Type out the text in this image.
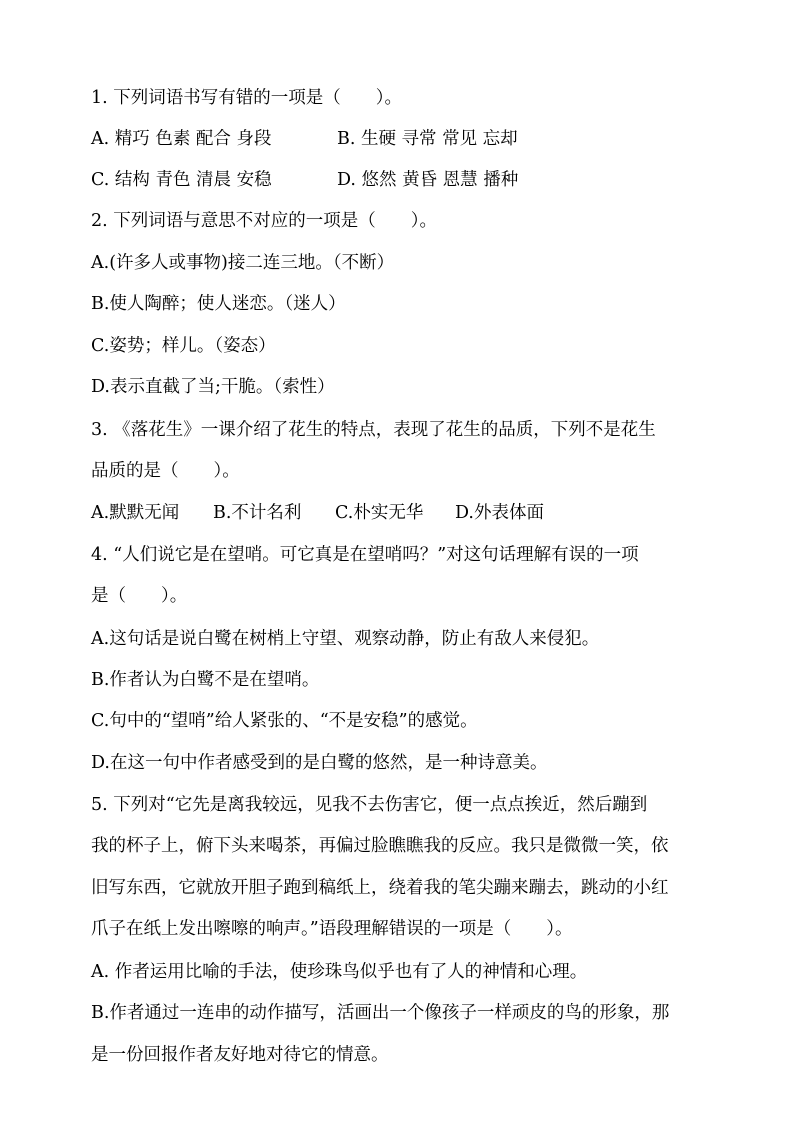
1. 下列词语书写有错的一项是（　　）。
A. 精巧 色素 配合 身段	B. 生硬 寻常 常见 忘却
C. 结构 青色 清晨 安稳	D. 悠然 黄昏 恩慧 播种
2. 下列词语与意思不对应的一项是（　　）。
A.(许多人或事物)接二连三地。（不断）
B.使人陶醉；使人迷恋。（迷人）
C.姿势；样儿。（姿态）
D.表示直截了当;干脆。（索性）
3. 《落花生》一课介绍了花生的特点，表现了花生的品质，下列不是花生
品质的是（　　）。
A.默默无闻 B.不计名利 C.朴实无华 D.外表体面
4. “人们说它是在望哨。可它真是在望哨吗？”对这句话理解有误的一项
是（　　）。
A.这句话是说白鹭在树梢上守望、观察动静，防止有敌人来侵犯。
B.作者认为白鹭不是在望哨。
C.句中的“望哨”给人紧张的、“不是安稳”的感觉。
D.在这一句中作者感受到的是白鹭的悠然，是一种诗意美。
5. 下列对“它先是离我较远，见我不去伤害它，便一点点挨近，然后蹦到
我的杯子上，俯下头来喝茶，再偏过脸瞧瞧我的反应。我只是微微一笑，依
旧写东西，它就放开胆子跑到稿纸上，绕着我的笔尖蹦来蹦去，跳动的小红
爪子在纸上发出嚓嚓的响声。”语段理解错误的一项是（　　）。
A. 作者运用比喻的手法，使珍珠鸟似乎也有了人的神情和心理。
B.作者通过一连串的动作描写，活画出一个像孩子一样顽皮的鸟的形象，那
是一份回报作者友好地对待它的情意。
